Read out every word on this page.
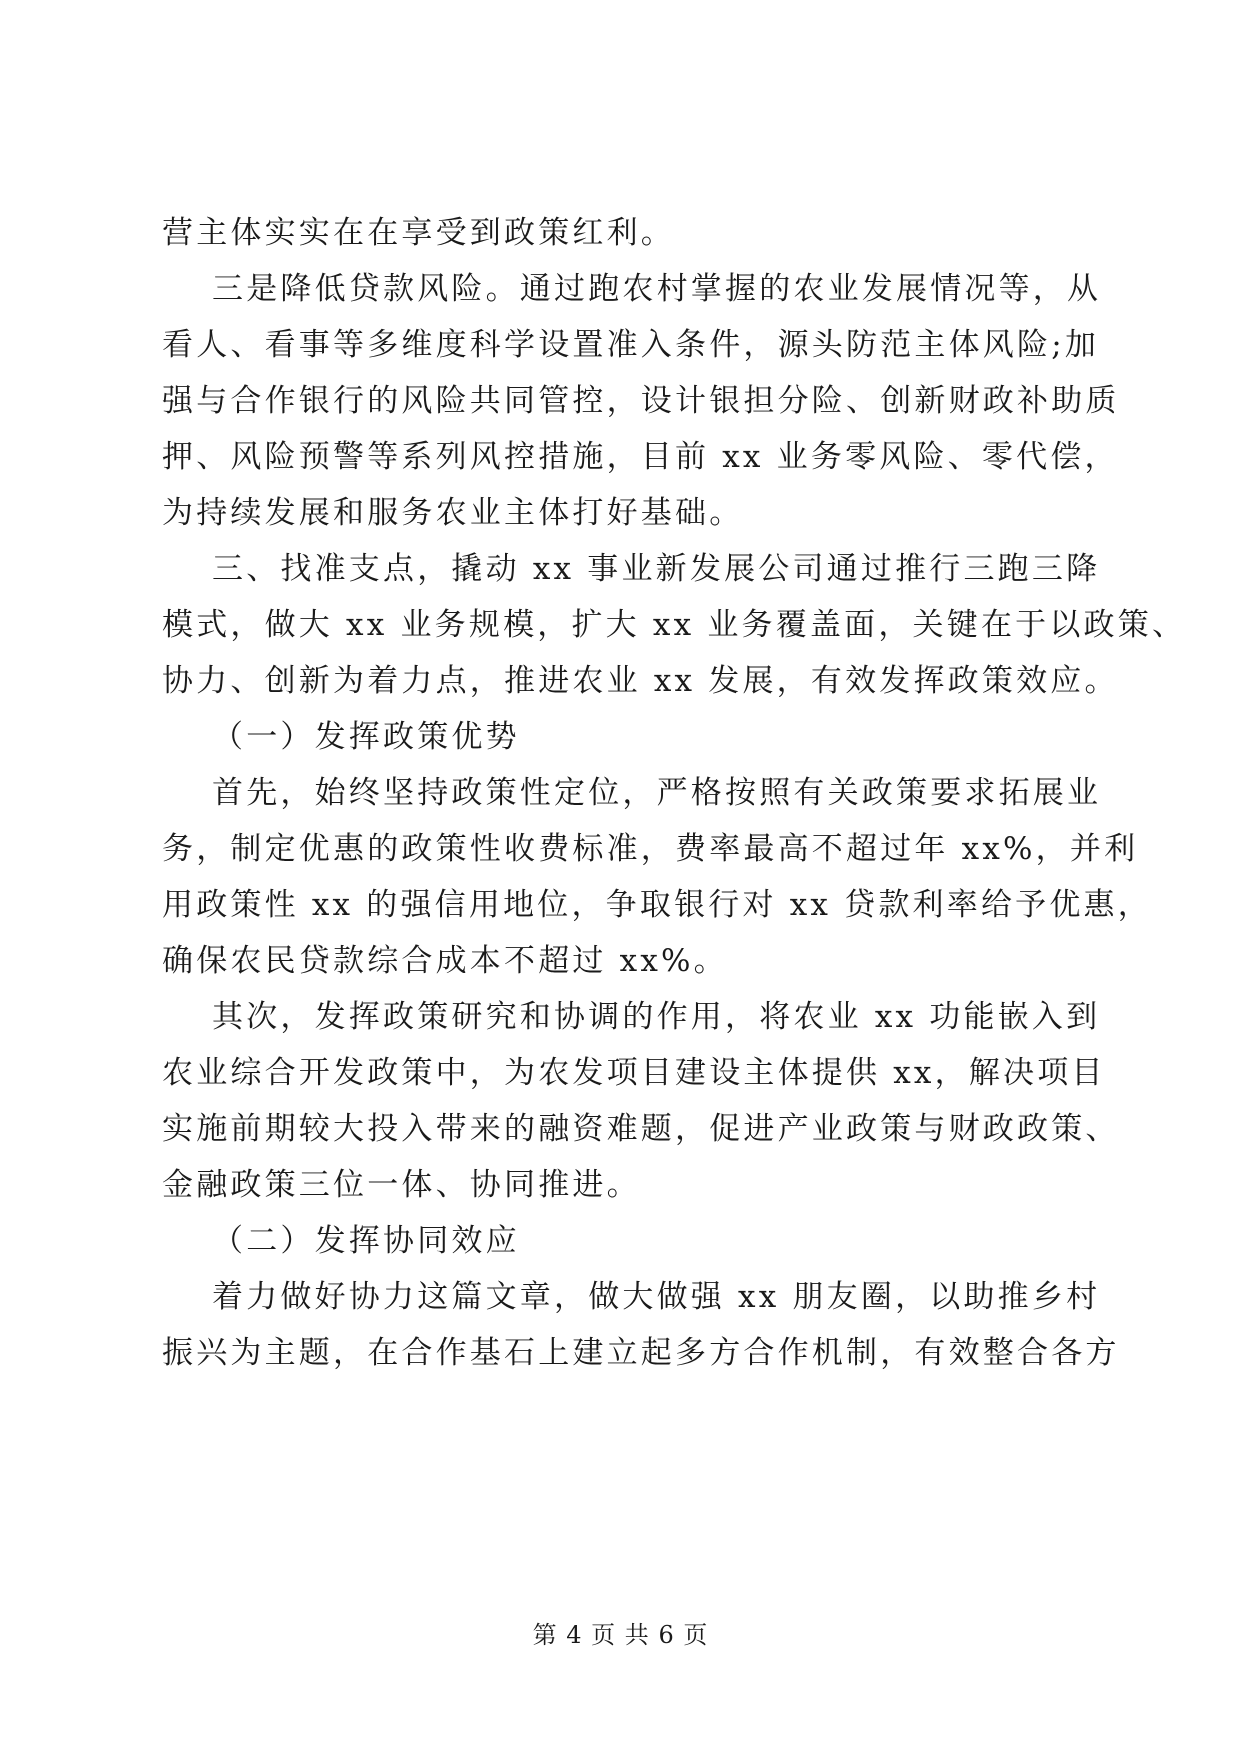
营主体实实在在享受到政策红利。
三是降低贷款风险。通过跑农村掌握的农业发展情况等，从
看人、看事等多维度科学设置准入条件，源头防范主体风险;加
强与合作银行的风险共同管控，设计银担分险、创新财政补助质
押、风险预警等系列风控措施，目前 xx 业务零风险、零代偿，
为持续发展和服务农业主体打好基础。
三、找准支点，撬动 xx 事业新发展公司通过推行三跑三降
模式，做大 xx 业务规模，扩大 xx 业务覆盖面，关键在于以政策、
协力、创新为着力点，推进农业 xx 发展，有效发挥政策效应。
（一）发挥政策优势
首先，始终坚持政策性定位，严格按照有关政策要求拓展业
务，制定优惠的政策性收费标准，费率最高不超过年 xx%，并利
用政策性 xx 的强信用地位，争取银行对 xx 贷款利率给予优惠，
确保农民贷款综合成本不超过 xx%。
其次，发挥政策研究和协调的作用，将农业 xx 功能嵌入到
农业综合开发政策中，为农发项目建设主体提供 xx，解决项目
实施前期较大投入带来的融资难题，促进产业政策与财政政策、
金融政策三位一体、协同推进。
（二）发挥协同效应
着力做好协力这篇文章，做大做强 xx 朋友圈，以助推乡村
振兴为主题，在合作基石上建立起多方合作机制，有效整合各方
第 4 页 共 6 页
